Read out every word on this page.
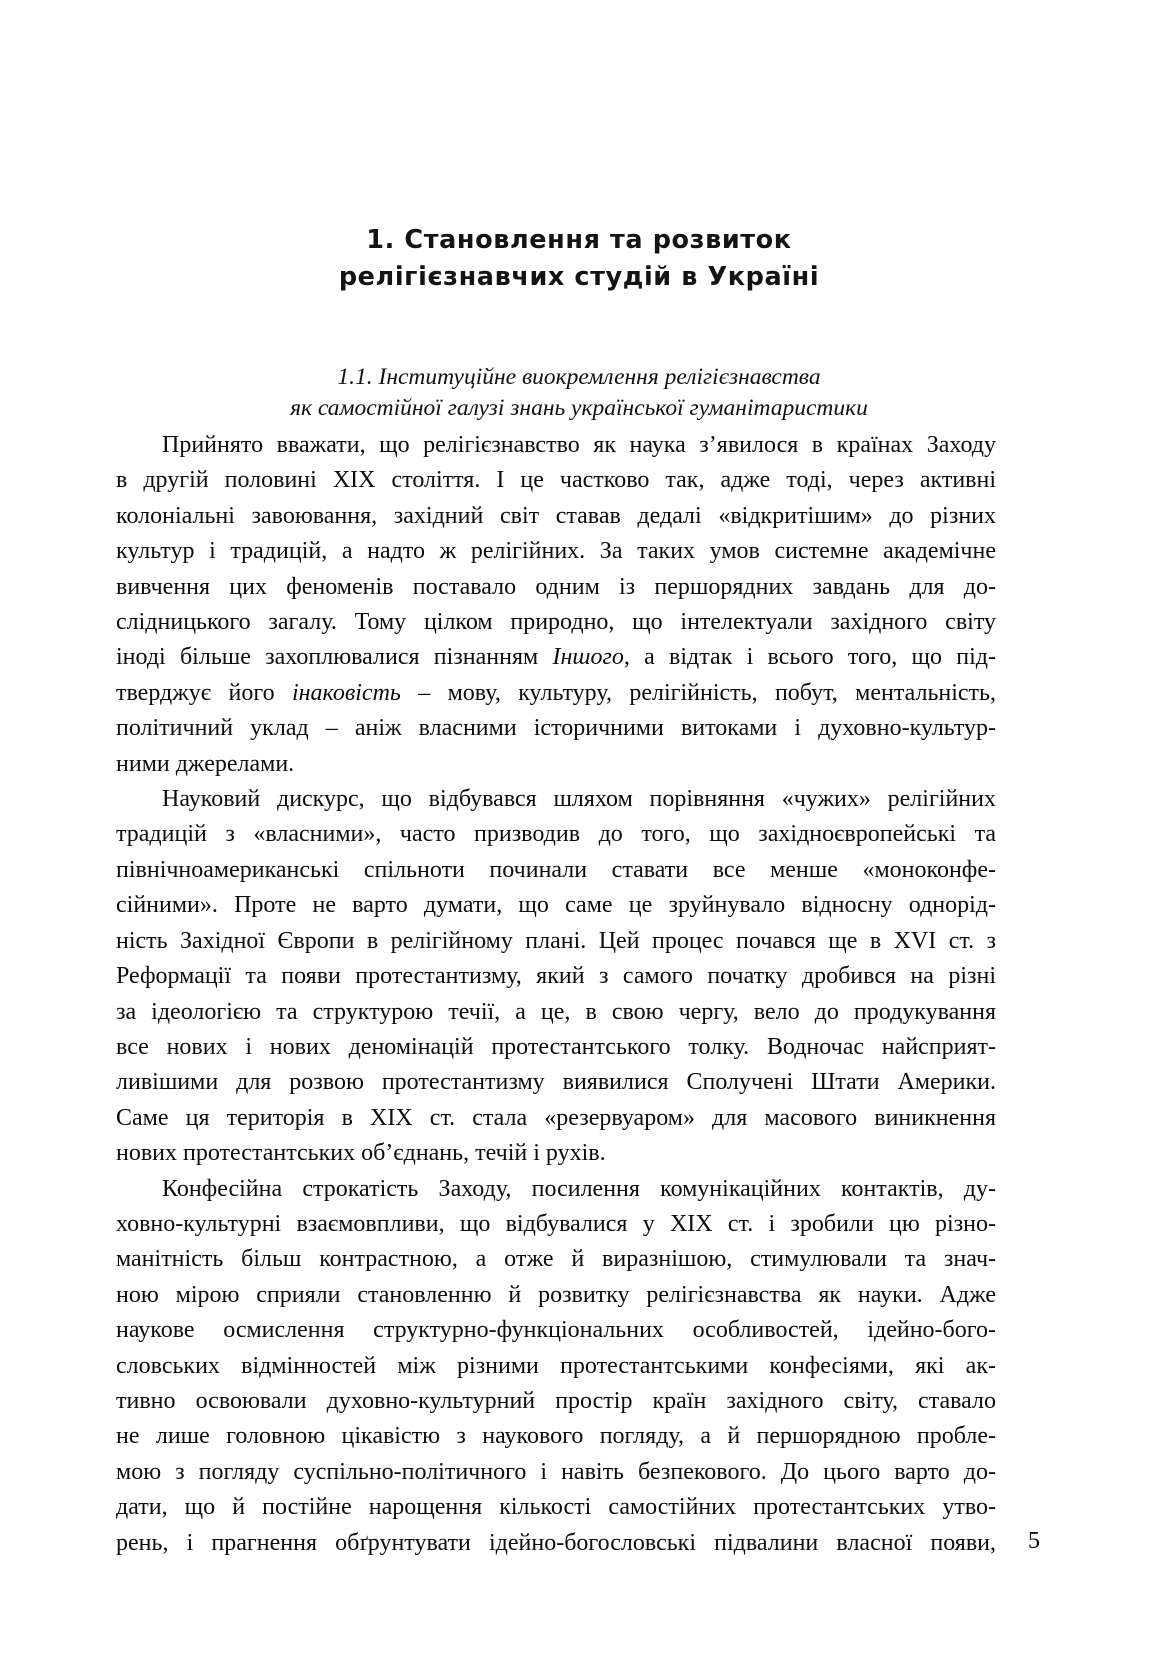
1. Становлення та розвиток
релігієзнавчих студій в Україні
1.1. Інституційне виокремлення релігієзнавства
як самостійної галузі знань української гуманітаристики

Прийнято вважати, що релігієзнавство як наука з’явилося в країнах Заходу
в другій половині XIX століття. І це частково так, адже тоді, через активні
колоніальні завоювання, західний світ ставав дедалі «відкритішим» до різних
культур і традицій, а надто ж релігійних. За таких умов системне академічне
вивчення цих феноменів поставало одним із першорядних завдань для до-
слідницького загалу. Тому цілком природно, що інтелектуали західного світу
іноді більше захоплювалися пізнанням Іншого, а відтак і всього того, що під-
тверджує його інаковість – мову, культуру, релігійність, побут, ментальність,
політичний уклад – аніж власними історичними витоками і духовно-культур-
ними джерелами.

Науковий дискурс, що відбувався шляхом порівняння «чужих» релігійних
традицій з «власними», часто призводив до того, що західноєвропейські та
північноамериканські спільноти починали ставати все менше «моноконфе-
сійними». Проте не варто думати, що саме це зруйнувало відносну однорід-
ність Західної Європи в релігійному плані. Цей процес почався ще в XVI ст. з
Реформації та появи протестантизму, який з самого початку дробився на різні
за ідеологією та структурою течії, а це, в свою чергу, вело до продукування
все нових і нових деномінацій протестантського толку. Водночас найсприят-
ливішими для розвою протестантизму виявилися Сполучені Штати Америки.
Саме ця територія в XIX ст. стала «резервуаром» для масового виникнення
нових протестантських об’єднань, течій і рухів.

Конфесійна строкатість Заходу, посилення комунікаційних контактів, ду-
ховно-культурні взаємовпливи, що відбувалися у XIX ст. і зробили цю різно-
манітність більш контрастною, а отже й виразнішою, стимулювали та знач-
ною мірою сприяли становленню й розвитку релігієзнавства як науки. Адже
наукове осмислення структурно-функціональних особливостей, ідейно-бого-
словських відмінностей між різними протестантськими конфесіями, які ак-
тивно освоювали духовно-культурний простір країн західного світу, ставало
не лише головною цікавістю з наукового погляду, а й першорядною пробле-
мою з погляду суспільно-політичного і навіть безпекового. До цього варто до-
дати, що й постійне нарощення кількості самостійних протестантських утво-
рень, і прагнення обґрунтувати ідейно-богословські підвалини власної появи, 5
